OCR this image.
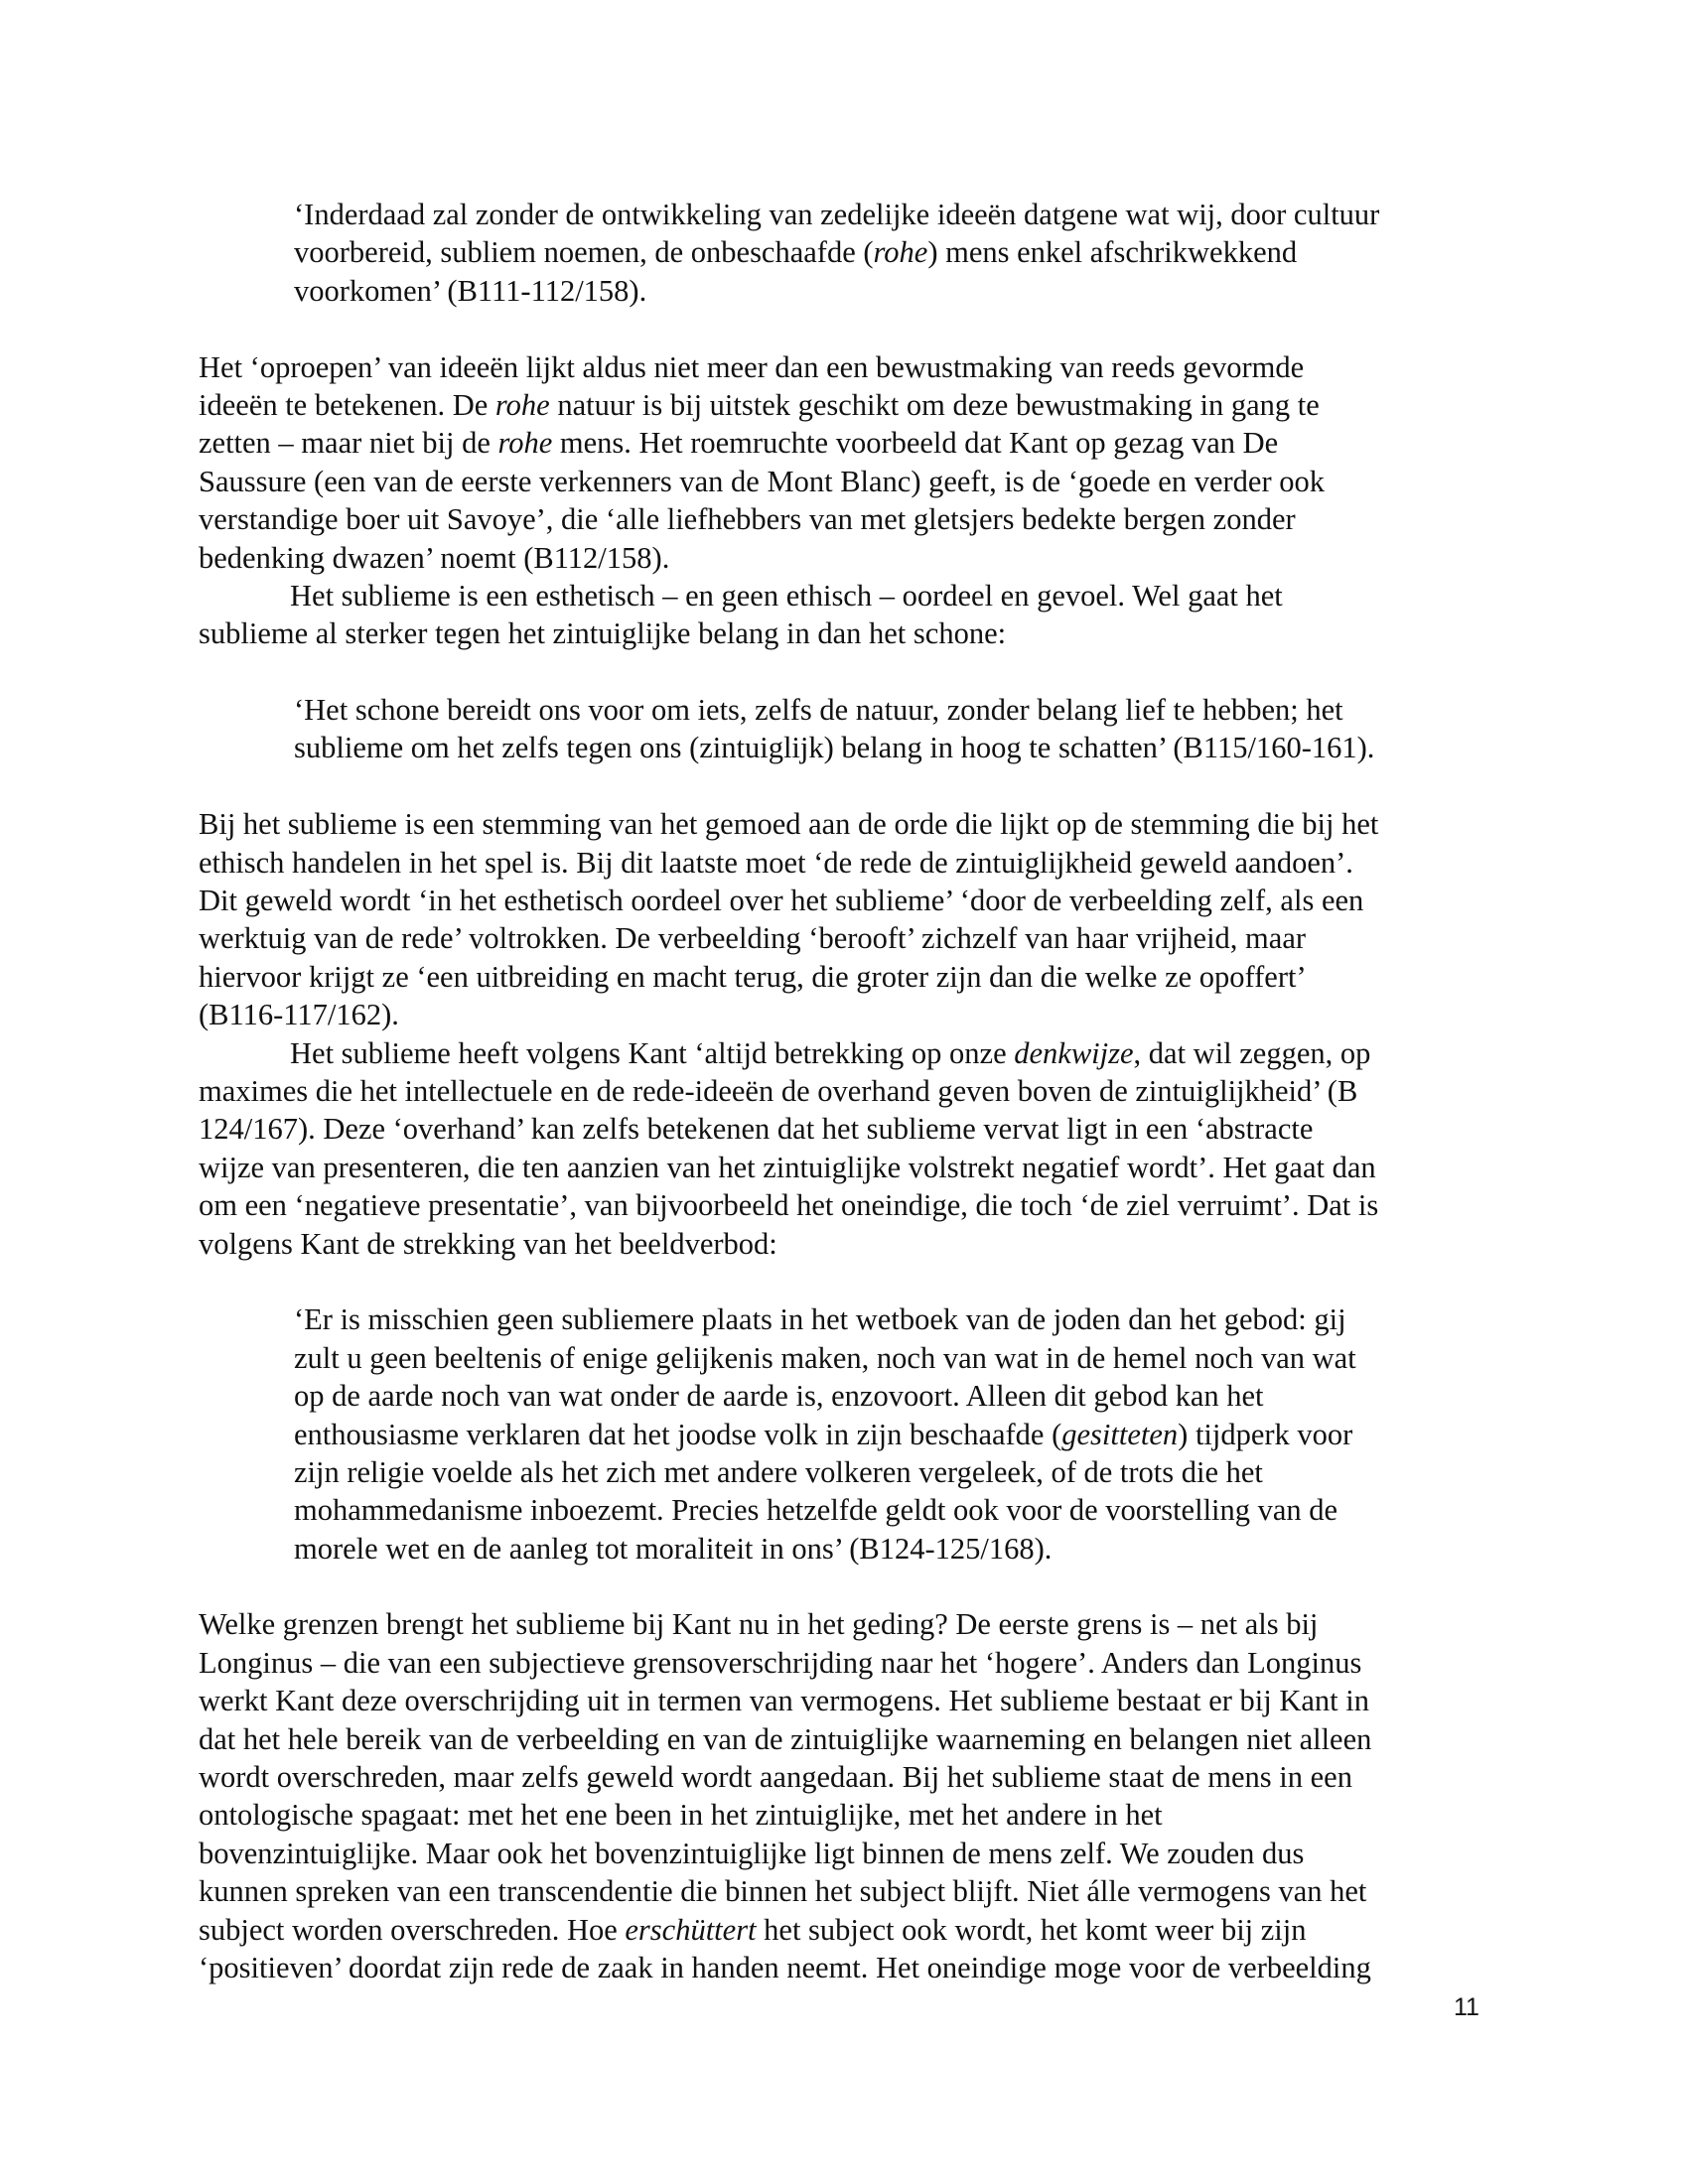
‘Inderdaad zal zonder de ontwikkeling van zedelijke ideeën datgene wat wij, door cultuur
voorbereid, subliem noemen, de onbeschaafde (rohe) mens enkel afschrikwekkend
voorkomen’ (B111-112/158).
Het ‘oproepen’ van ideeën lijkt aldus niet meer dan een bewustmaking van reeds gevormde
ideeën te betekenen. De rohe natuur is bij uitstek geschikt om deze bewustmaking in gang te
zetten – maar niet bij de rohe mens. Het roemruchte voorbeeld dat Kant op gezag van De
Saussure (een van de eerste verkenners van de Mont Blanc) geeft, is de ‘goede en verder ook
verstandige boer uit Savoye’, die ‘alle liefhebbers van met gletsjers bedekte bergen zonder
bedenking dwazen’ noemt (B112/158).
Het sublieme is een esthetisch – en geen ethisch – oordeel en gevoel. Wel gaat het
sublieme al sterker tegen het zintuiglijke belang in dan het schone:
‘Het schone bereidt ons voor om iets, zelfs de natuur, zonder belang lief te hebben; het
sublieme om het zelfs tegen ons (zintuiglijk) belang in hoog te schatten’ (B115/160-161).
Bij het sublieme is een stemming van het gemoed aan de orde die lijkt op de stemming die bij het
ethisch handelen in het spel is. Bij dit laatste moet ‘de rede de zintuiglijkheid geweld aandoen’.
Dit geweld wordt ‘in het esthetisch oordeel over het sublieme’ ‘door de verbeelding zelf, als een
werktuig van de rede’ voltrokken. De verbeelding ‘berooft’ zichzelf van haar vrijheid, maar
hiervoor krijgt ze ‘een uitbreiding en macht terug, die groter zijn dan die welke ze opoffert’
(B116-117/162).
Het sublieme heeft volgens Kant ‘altijd betrekking op onze denkwijze, dat wil zeggen, op
maximes die het intellectuele en de rede-ideeën de overhand geven boven de zintuiglijkheid’ (B
124/167). Deze ‘overhand’ kan zelfs betekenen dat het sublieme vervat ligt in een ‘abstracte
wijze van presenteren, die ten aanzien van het zintuiglijke volstrekt negatief wordt’. Het gaat dan
om een ‘negatieve presentatie’, van bijvoorbeeld het oneindige, die toch ‘de ziel verruimt’. Dat is
volgens Kant de strekking van het beeldverbod:
‘Er is misschien geen subliemere plaats in het wetboek van de joden dan het gebod: gij
zult u geen beeltenis of enige gelijkenis maken, noch van wat in de hemel noch van wat
op de aarde noch van wat onder de aarde is, enzovoort. Alleen dit gebod kan het
enthousiasme verklaren dat het joodse volk in zijn beschaafde (gesitteten) tijdperk voor
zijn religie voelde als het zich met andere volkeren vergeleek, of de trots die het
mohammedanisme inboezemt. Precies hetzelfde geldt ook voor de voorstelling van de
morele wet en de aanleg tot moraliteit in ons’ (B124-125/168).
Welke grenzen brengt het sublieme bij Kant nu in het geding? De eerste grens is – net als bij
Longinus – die van een subjectieve grensoverschrijding naar het ‘hogere’. Anders dan Longinus
werkt Kant deze overschrijding uit in termen van vermogens. Het sublieme bestaat er bij Kant in
dat het hele bereik van de verbeelding en van de zintuiglijke waarneming en belangen niet alleen
wordt overschreden, maar zelfs geweld wordt aangedaan. Bij het sublieme staat de mens in een
ontologische spagaat: met het ene been in het zintuiglijke, met het andere in het
bovenzintuiglijke. Maar ook het bovenzintuiglijke ligt binnen de mens zelf. We zouden dus
kunnen spreken van een transcendentie die binnen het subject blijft. Niet álle vermogens van het
subject worden overschreden. Hoe erschüttert het subject ook wordt, het komt weer bij zijn
‘positieven’ doordat zijn rede de zaak in handen neemt. Het oneindige moge voor de verbeelding
11
